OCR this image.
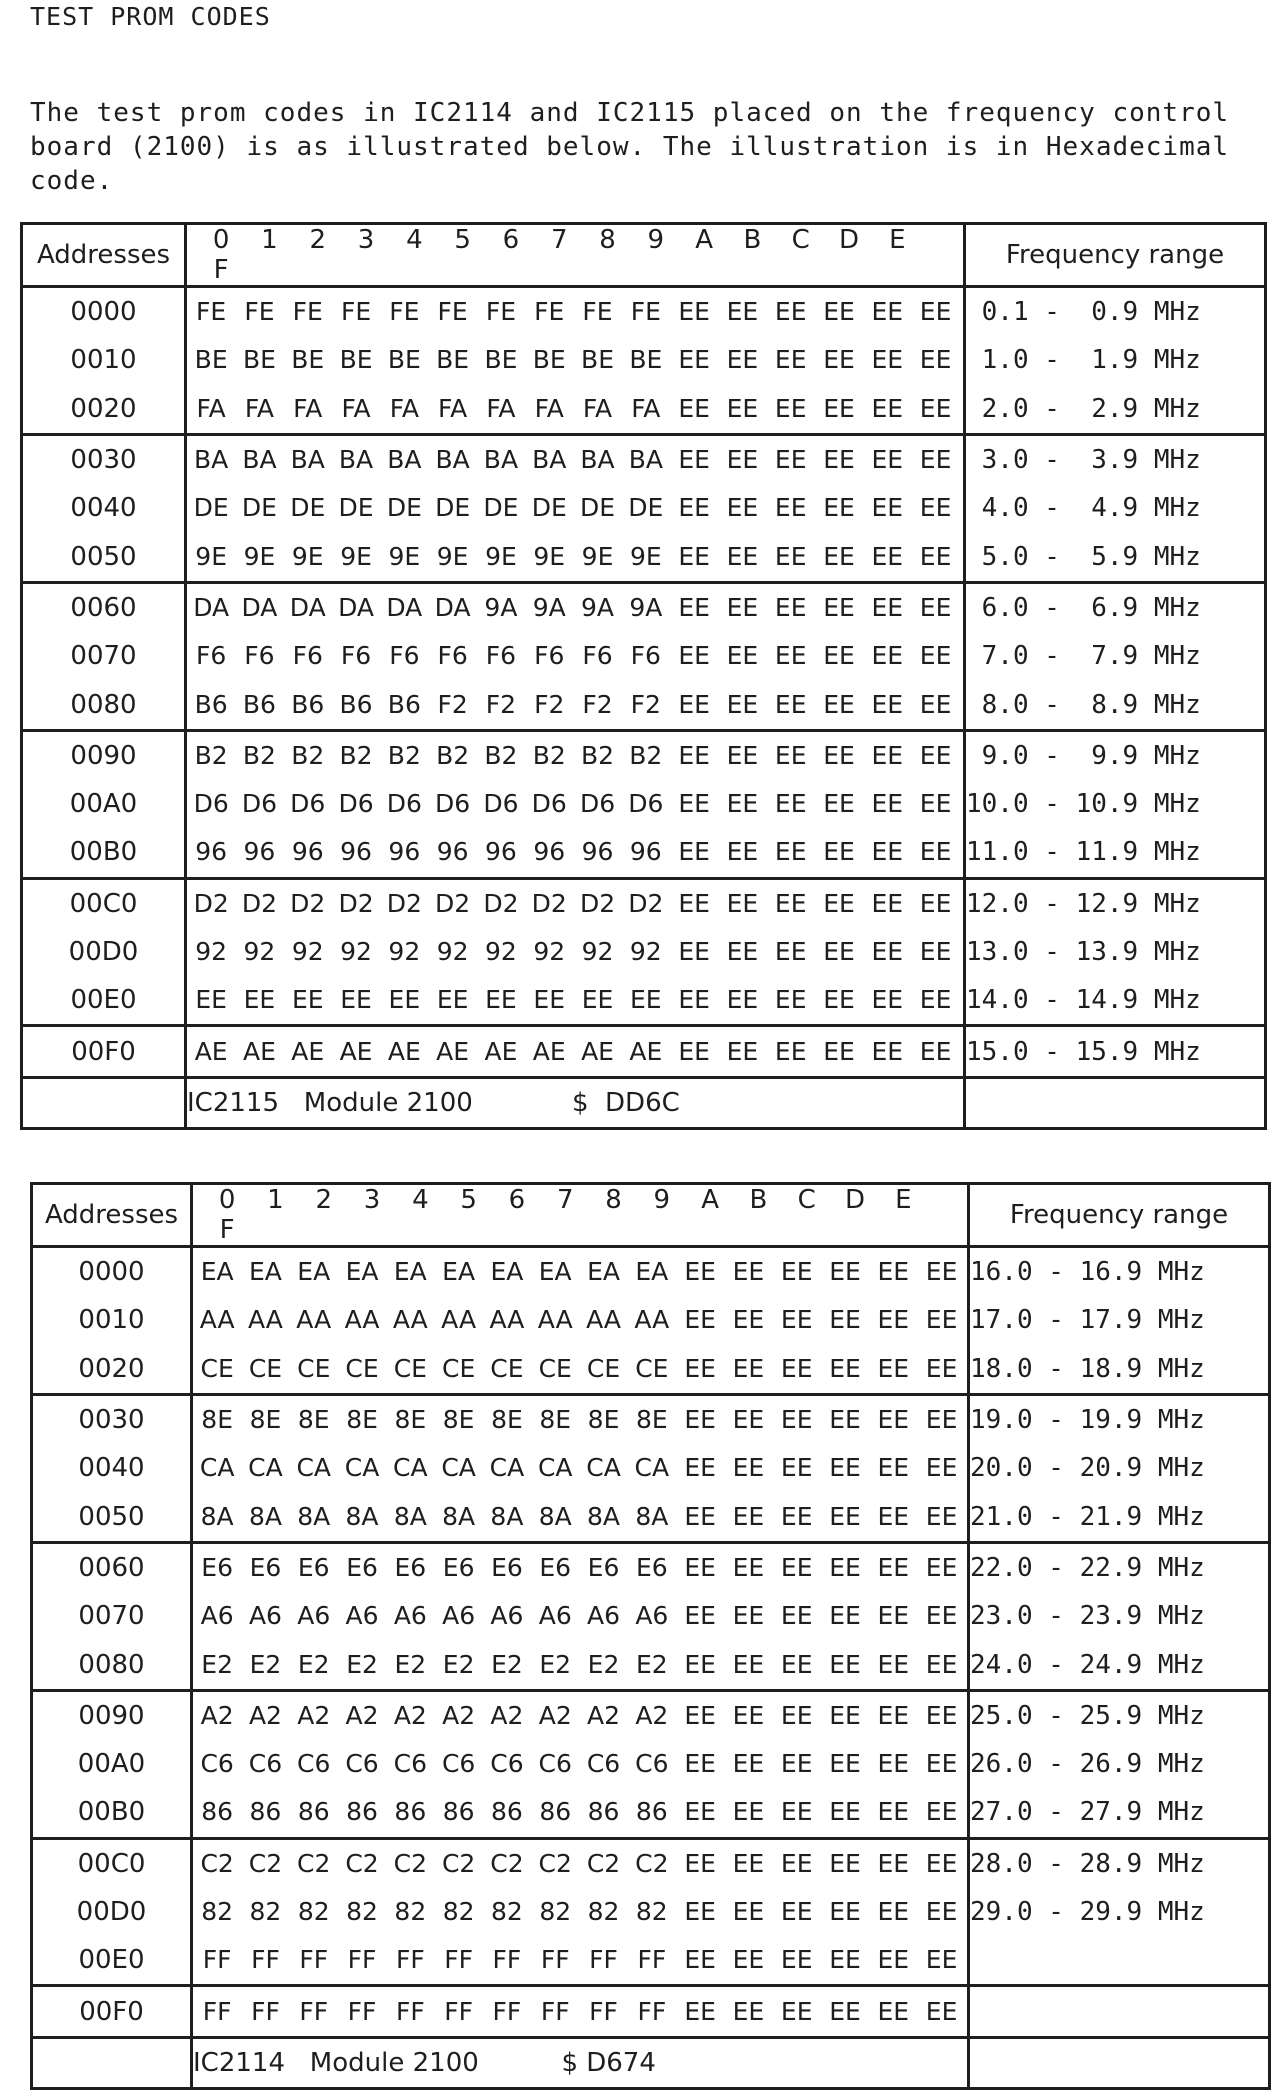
TEST PROM CODES
The test prom codes in IC2114 and IC2115 placed on the frequency control
board (2100) is as illustrated below. The illustration is in Hexadecimal
code.
Addresses	0 1 2 3 4 5 6 7 8 9 A B C D EF	Frequency range
0000	FE FE FE FE FE FE FE FE FE FE EE EE EE EE EE EE	0.1 -  0.9 MHz
0010	BE BE BE BE BE BE BE BE BE BE EE EE EE EE EE EE	1.0 -  1.9 MHz
0020	FA FA FA FA FA FA FA FA FA FA EE EE EE EE EE EE	2.0 -  2.9 MHz
0030	BA BA BA BA BA BA BA BA BA BA EE EE EE EE EE EE	3.0 -  3.9 MHz
0040	DE DE DE DE DE DE DE DE DE DE EE EE EE EE EE EE	4.0 -  4.9 MHz
0050	9E 9E 9E 9E 9E 9E 9E 9E 9E 9E EE EE EE EE EE EE	5.0 -  5.9 MHz
0060	DA DA DA DA DA DA 9A 9A 9A 9A EE EE EE EE EE EE	6.0 -  6.9 MHz
0070	F6 F6 F6 F6 F6 F6 F6 F6 F6 F6 EE EE EE EE EE EE	7.0 -  7.9 MHz
0080	B6 B6 B6 B6 B6 F2 F2 F2 F2 F2 EE EE EE EE EE EE	8.0 -  8.9 MHz
0090	B2 B2 B2 B2 B2 B2 B2 B2 B2 B2 EE EE EE EE EE EE	9.0 -  9.9 MHz
00A0	D6 D6 D6 D6 D6 D6 D6 D6 D6 D6 EE EE EE EE EE EE	10.0 - 10.9 MHz
00B0	96 96 96 96 96 96 96 96 96 96 EE EE EE EE EE EE	11.0 - 11.9 MHz
00C0	D2 D2 D2 D2 D2 D2 D2 D2 D2 D2 EE EE EE EE EE EE	12.0 - 12.9 MHz
00D0	92 92 92 92 92 92 92 92 92 92 EE EE EE EE EE EE	13.0 - 13.9 MHz
00E0	EE EE EE EE EE EE EE EE EE EE EE EE EE EE EE EE	14.0 - 14.9 MHz
00F0	AE AE AE AE AE AE AE AE AE AE EE EE EE EE EE EE	15.0 - 15.9 MHz
	IC2115 Module 2100 $  DD6C	
Addresses	0 1 2 3 4 5 6 7 8 9 A B C D EF	Frequency range
0000	EA EA EA EA EA EA EA EA EA EA EE EE EE EE EE EE	16.0 - 16.9 MHz
0010	AA AA AA AA AA AA AA AA AA AA EE EE EE EE EE EE	17.0 - 17.9 MHz
0020	CE CE CE CE CE CE CE CE CE CE EE EE EE EE EE EE	18.0 - 18.9 MHz
0030	8E 8E 8E 8E 8E 8E 8E 8E 8E 8E EE EE EE EE EE EE	19.0 - 19.9 MHz
0040	CA CA CA CA CA CA CA CA CA CA EE EE EE EE EE EE	20.0 - 20.9 MHz
0050	8A 8A 8A 8A 8A 8A 8A 8A 8A 8A EE EE EE EE EE EE	21.0 - 21.9 MHz
0060	E6 E6 E6 E6 E6 E6 E6 E6 E6 E6 EE EE EE EE EE EE	22.0 - 22.9 MHz
0070	A6 A6 A6 A6 A6 A6 A6 A6 A6 A6 EE EE EE EE EE EE	23.0 - 23.9 MHz
0080	E2 E2 E2 E2 E2 E2 E2 E2 E2 E2 EE EE EE EE EE EE	24.0 - 24.9 MHz
0090	A2 A2 A2 A2 A2 A2 A2 A2 A2 A2 EE EE EE EE EE EE	25.0 - 25.9 MHz
00A0	C6 C6 C6 C6 C6 C6 C6 C6 C6 C6 EE EE EE EE EE EE	26.0 - 26.9 MHz
00B0	86 86 86 86 86 86 86 86 86 86 EE EE EE EE EE EE	27.0 - 27.9 MHz
00C0	C2 C2 C2 C2 C2 C2 C2 C2 C2 C2 EE EE EE EE EE EE	28.0 - 28.9 MHz
00D0	82 82 82 82 82 82 82 82 82 82 EE EE EE EE EE EE	29.0 - 29.9 MHz
00E0	FF FF FF FF FF FF FF FF FF FF EE EE EE EE EE EE	
00F0	FF FF FF FF FF FF FF FF FF FF EE EE EE EE EE EE	
	IC2114 Module 2100 $ D674	
